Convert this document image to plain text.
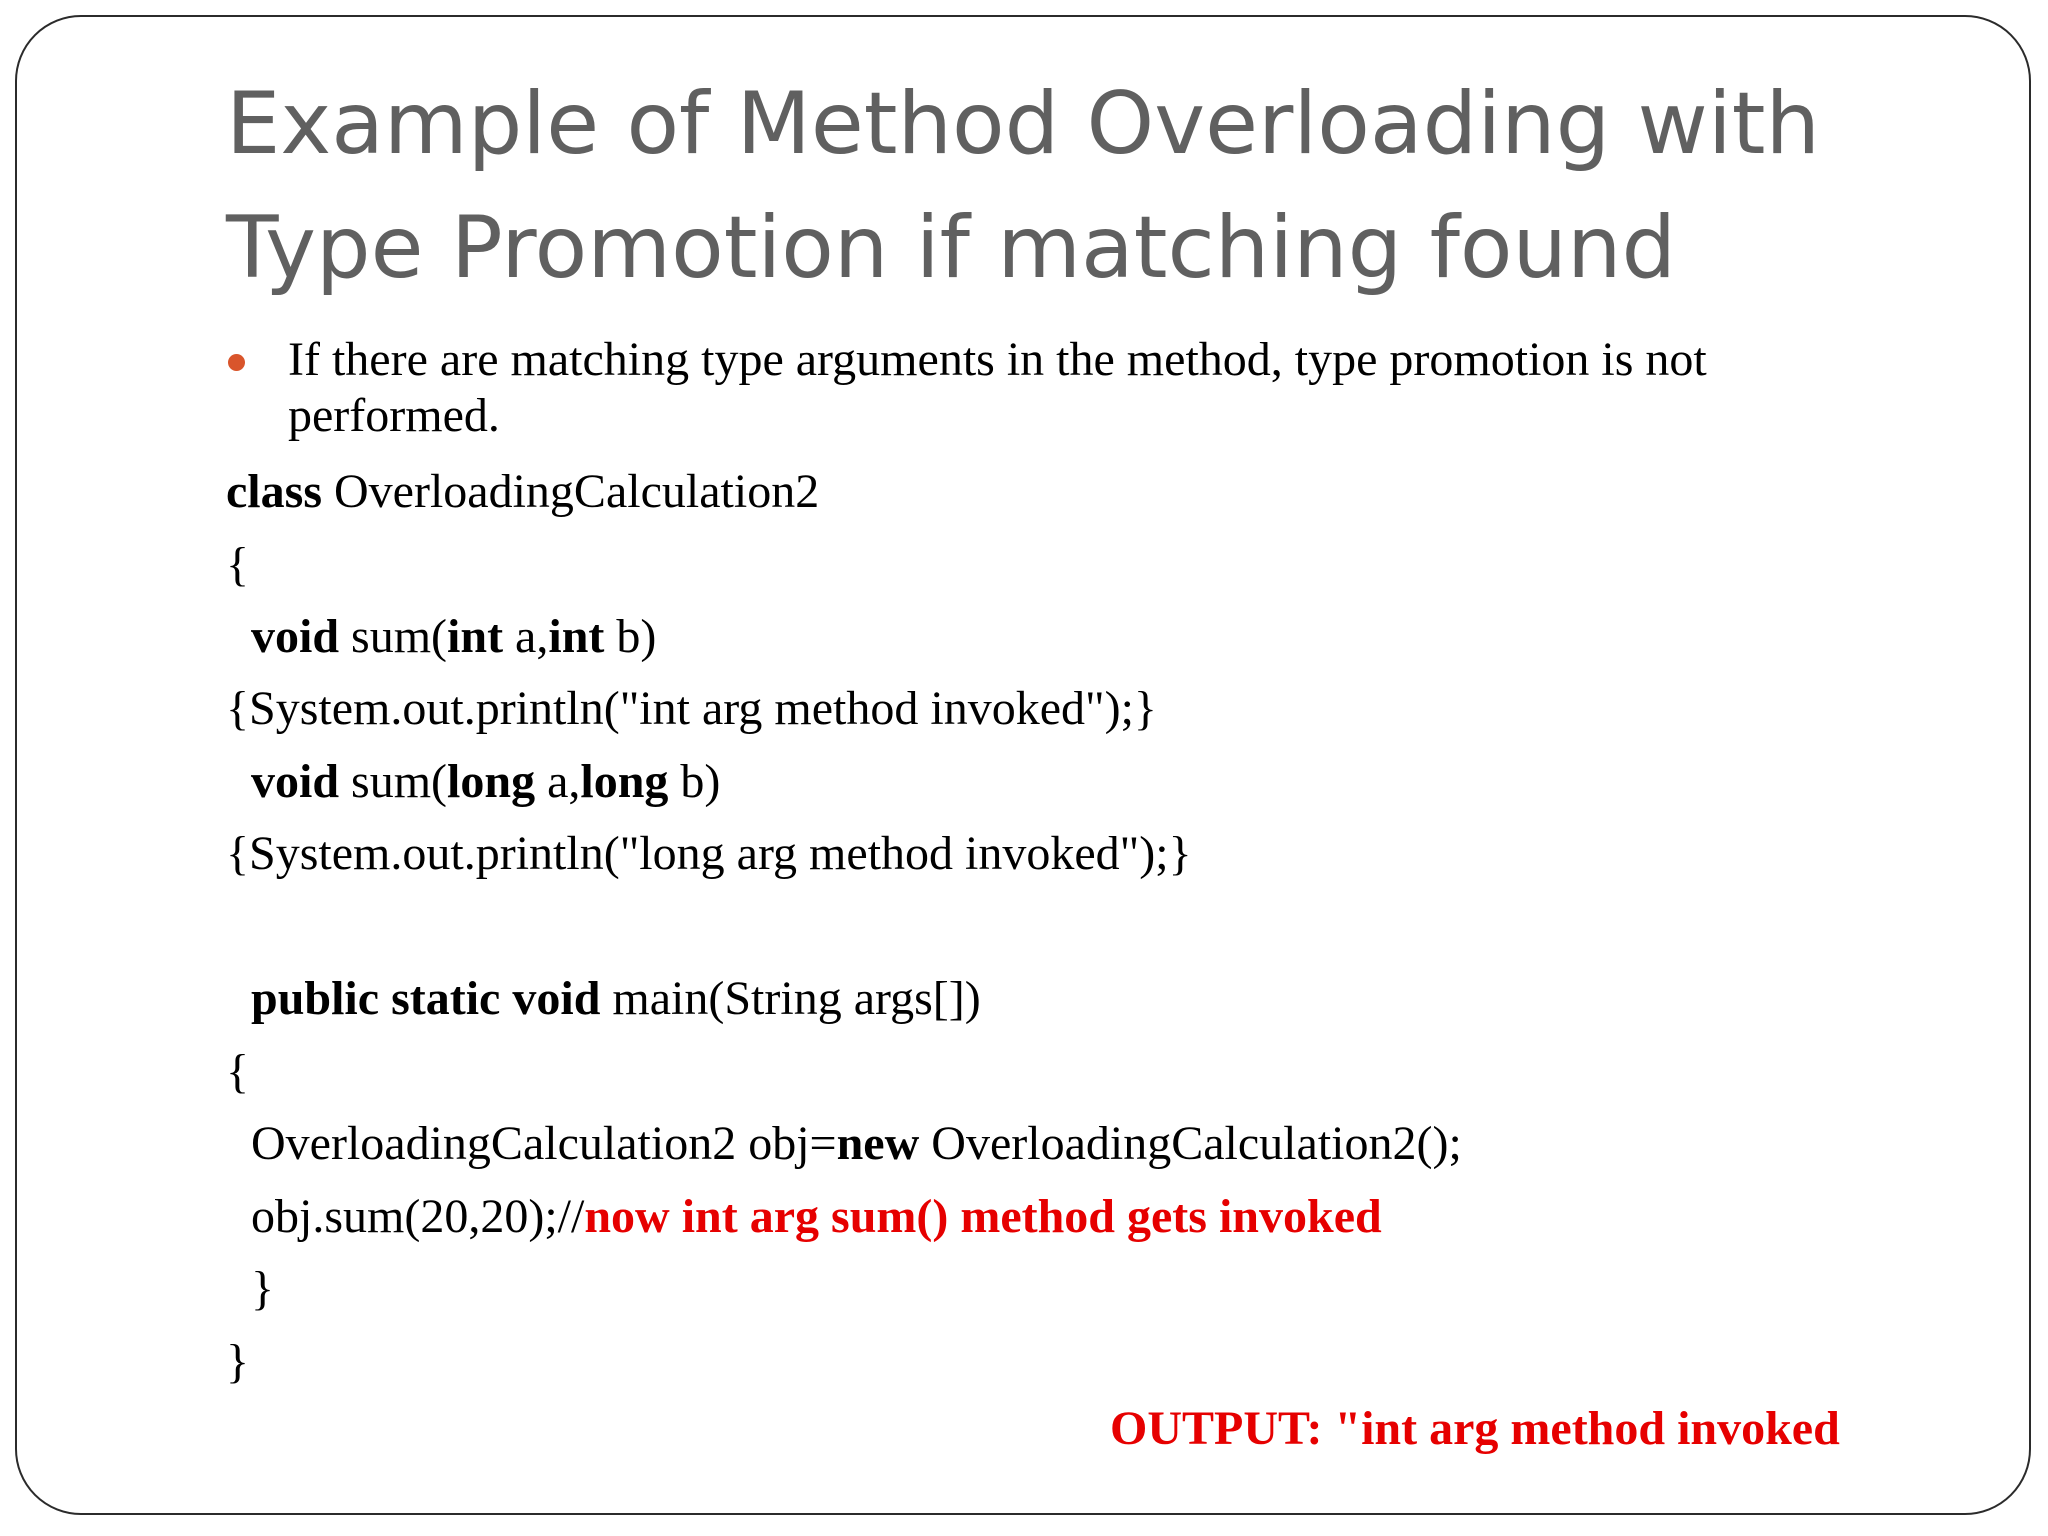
Example of Method Overloading with
Type Promotion if matching found
If there are matching type arguments in the method, type promotion is not
performed.
class OverloadingCalculation2
{
void sum(int a,int b)
{System.out.println("int arg method invoked");}
void sum(long a,long b)
{System.out.println("long arg method invoked");}
public static void main(String args[])
{
OverloadingCalculation2 obj=new OverloadingCalculation2();
obj.sum(20,20);//now int arg sum() method gets invoked
}
}
OUTPUT: "int arg method invoked
